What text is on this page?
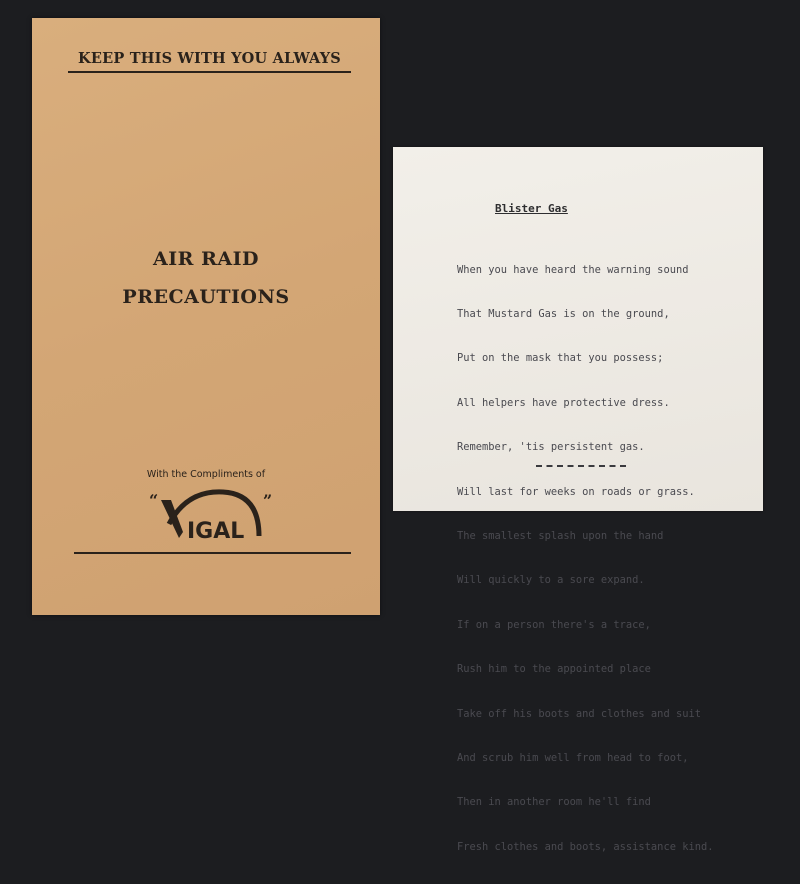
KEEP THIS WITH YOU ALWAYS
AIR RAID
PRECAUTIONS
With the Compliments of
“	”
IGAL
Blister Gas

When you have heard the warning sound

That Mustard Gas is on the ground,

Put on the mask that you possess;

All helpers have protective dress.

Remember, 'tis persistent gas.

Will last for weeks on roads or grass.

The smallest splash upon the hand

Will quickly to a sore expand.

If on a person there's a trace,

Rush him to the appointed place

Take off his boots and clothes and suit

And scrub him well from head to foot,

Then in another room he'll find

Fresh clothes and boots, assistance kind.
